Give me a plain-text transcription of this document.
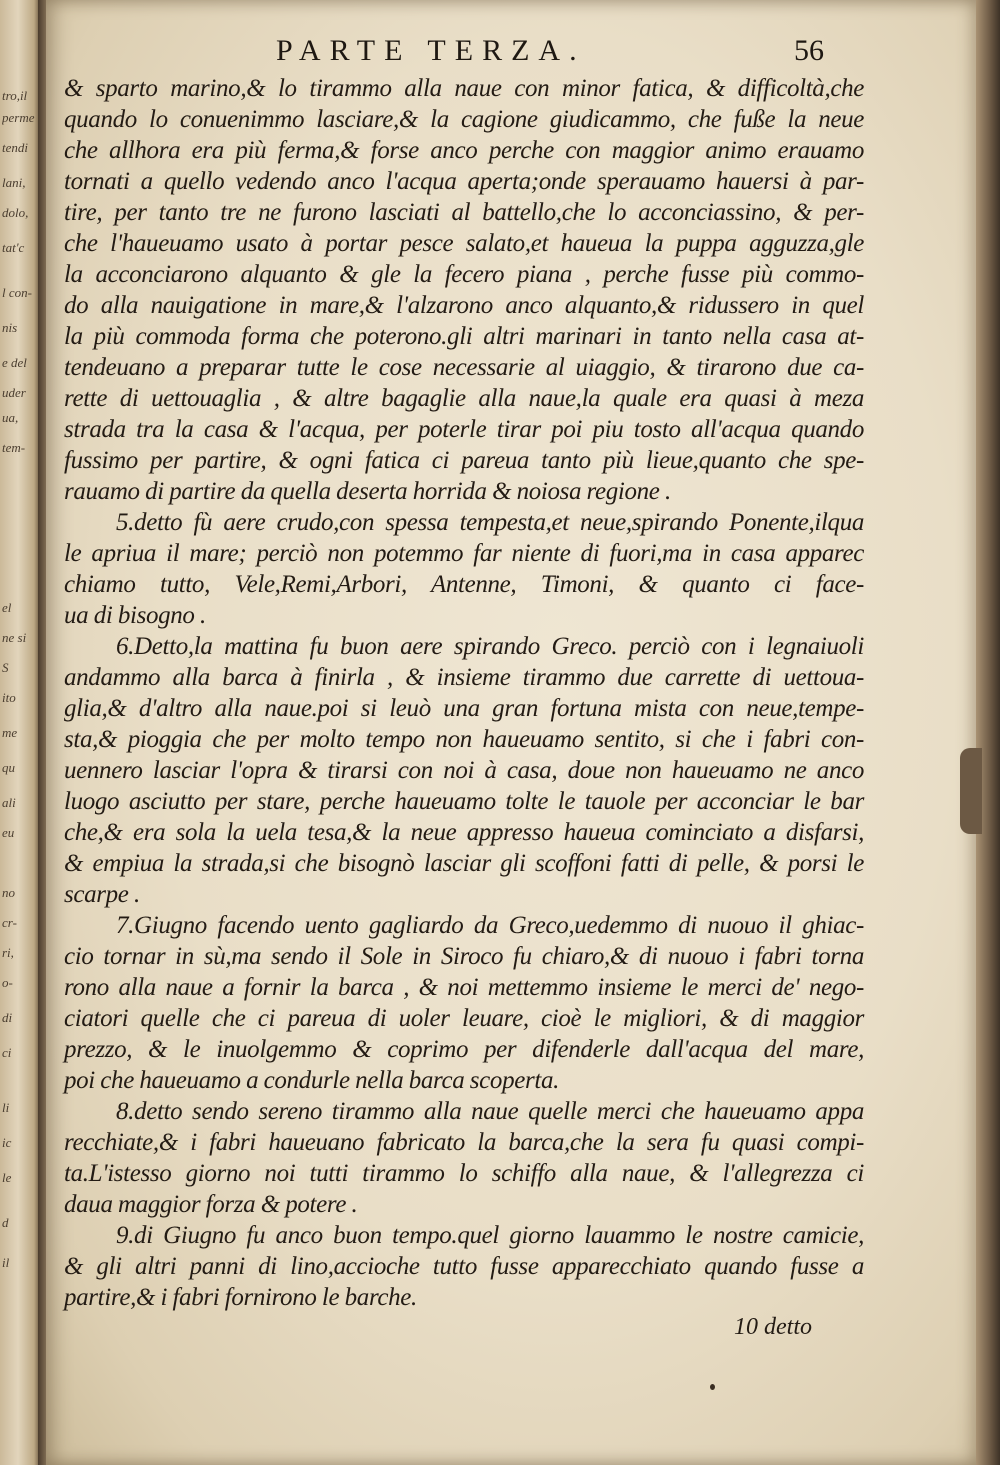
tro,il
perme
tendi
lani,
dolo,
tat'c
l con-
nis
e del
uder
ua,
tem-
el
ne si
S
ito
me
qu
ali
eu
no
cr-
ri,
o-
di
ci
li
ic
le
d
il
PARTE TERZA.	56
& sparto marino,& lo tirammo alla naue con minor fatica, & difficoltà,che
quando lo conuenimmo lasciare,& la cagione giudicammo, che fuße la neue
che allhora era più ferma,& forse anco perche con maggior animo erauamo
tornati a quello vedendo anco l'acqua aperta;onde sperauamo hauersi à par-
tire, per tanto tre ne furono lasciati al battello,che lo acconciassino, & per-
che l'haueuamo usato à portar pesce salato,et haueua la puppa agguzza,gle
la acconciarono alquanto & gle la fecero piana , perche fusse più commo-
do alla nauigatione in mare,& l'alzarono anco alquanto,& ridussero in quel
la più commoda forma che poterono.gli altri marinari in tanto nella casa at-
tendeuano a preparar tutte le cose necessarie al uiaggio, & tirarono due ca-
rette di uettouaglia , & altre bagaglie alla naue,la quale era quasi à meza
strada tra la casa & l'acqua, per poterle tirar poi piu tosto all'acqua quando
fussimo per partire, & ogni fatica ci pareua tanto più lieue,quanto che spe-
rauamo di partire da quella deserta horrida & noiosa regione .
5.detto fù aere crudo,con spessa tempesta,et neue,spirando Ponente,ilqua
le apriua il mare; perciò non potemmo far niente di fuori,ma in casa apparec
chiamo tutto, Vele,Remi,Arbori, Antenne, Timoni, & quanto ci face-
ua di bisogno .
6.Detto,la mattina fu buon aere spirando Greco. perciò con i legnaiuoli
andammo alla barca à finirla , & insieme tirammo due carrette di uettoua-
glia,& d'altro alla naue.poi si leuò una gran fortuna mista con neue,tempe-
sta,& pioggia che per molto tempo non haueuamo sentito, si che i fabri con-
uennero lasciar l'opra & tirarsi con noi à casa, doue non haueuamo ne anco
luogo asciutto per stare, perche haueuamo tolte le tauole per acconciar le bar
che,& era sola la uela tesa,& la neue appresso haueua cominciato a disfarsi,
& empiua la strada,si che bisognò lasciar gli scoffoni fatti di pelle, & porsi le
scarpe .
7.Giugno facendo uento gagliardo da Greco,uedemmo di nuouo il ghiac-
cio tornar in sù,ma sendo il Sole in Siroco fu chiaro,& di nuouo i fabri torna
rono alla naue a fornir la barca , & noi mettemmo insieme le merci de' nego-
ciatori quelle che ci pareua di uoler leuare, cioè le migliori, & di maggior
prezzo, & le inuolgemmo & coprimo per difenderle dall'acqua del mare,
poi che haueuamo a condurle nella barca scoperta.
8.detto sendo sereno tirammo alla naue quelle merci che haueuamo appa
recchiate,& i fabri haueuano fabricato la barca,che la sera fu quasi compi-
ta.L'istesso giorno noi tutti tirammo lo schiffo alla naue, & l'allegrezza ci
daua maggior forza & potere .
9.di Giugno fu anco buon tempo.quel giorno lauammo le nostre camicie,
& gli altri panni di lino,accioche tutto fusse apparecchiato quando fusse a
partire,& i fabri fornirono le barche.
10 detto
